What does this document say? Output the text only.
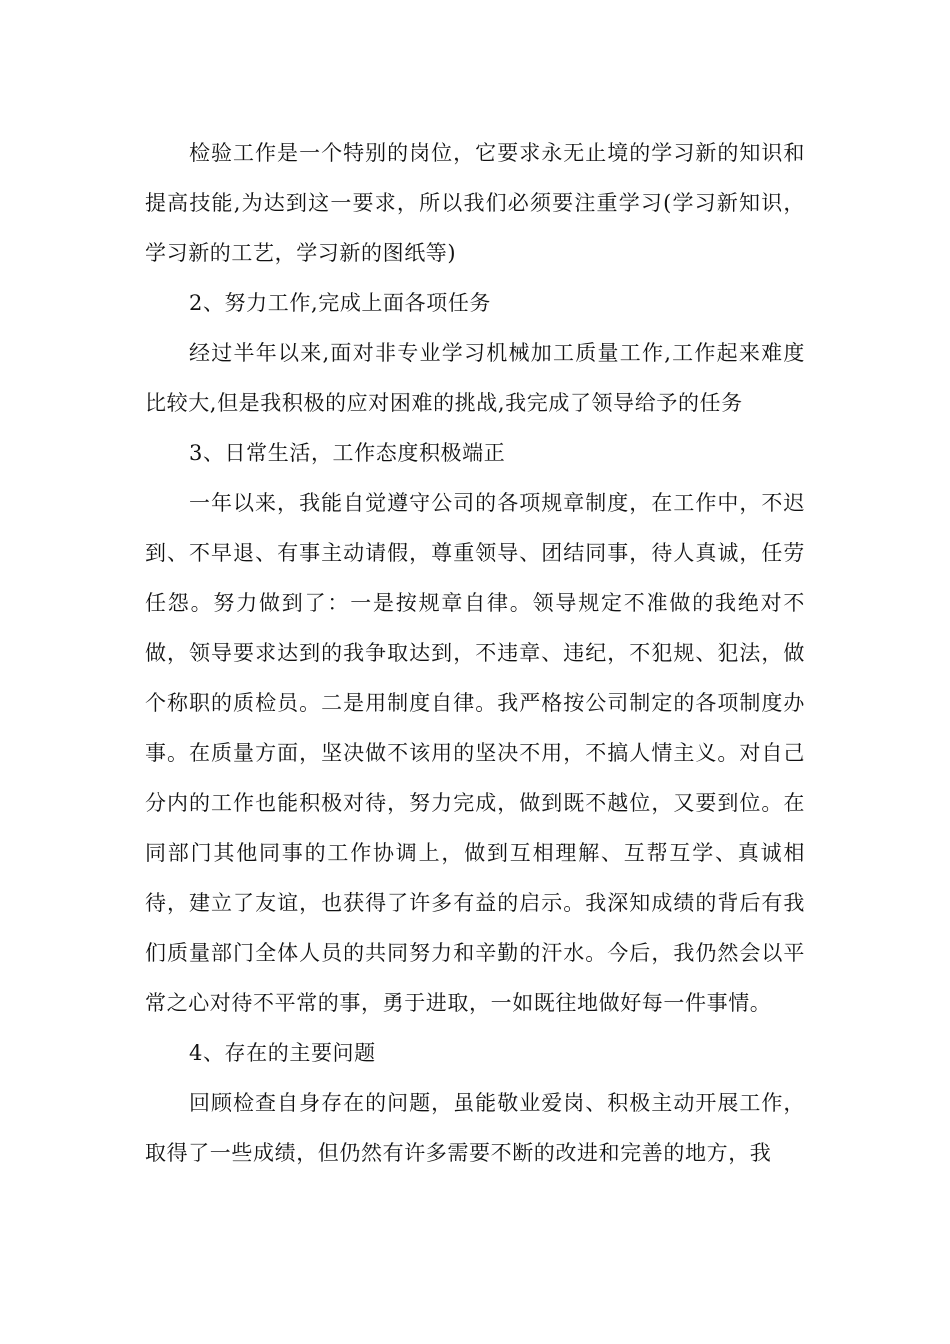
检验工作是一个特别的岗位，它要求永无止境的学习新的知识和提高技能,为达到这一要求，所以我们必须要注重学习(学习新知识，学习新的工艺，学习新的图纸等)

2、努力工作,完成上面各项任务

经过半年以来,面对非专业学习机械加工质量工作,工作起来难度比较大,但是我积极的应对困难的挑战,我完成了领导给予的任务

3、日常生活，工作态度积极端正

一年以来，我能自觉遵守公司的各项规章制度，在工作中，不迟到、不早退、有事主动请假，尊重领导、团结同事，待人真诚，任劳任怨。努力做到了：一是按规章自律。领导规定不准做的我绝对不做，领导要求达到的我争取达到，不违章、违纪，不犯规、犯法，做个称职的质检员。二是用制度自律。我严格按公司制定的各项制度办事。在质量方面，坚决做不该用的坚决不用，不搞人情主义。对自己分内的工作也能积极对待，努力完成，做到既不越位，又要到位。在同部门其他同事的工作协调上，做到互相理解、互帮互学、真诚相待，建立了友谊，也获得了许多有益的启示。我深知成绩的背后有我们质量部门全体人员的共同努力和辛勤的汗水。今后，我仍然会以平常之心对待不平常的事，勇于进取，一如既往地做好每一件事情。

4、存在的主要问题

回顾检查自身存在的问题，虽能敬业爱岗、积极主动开展工作，取得了一些成绩，但仍然有许多需要不断的改进和完善的地方，我
